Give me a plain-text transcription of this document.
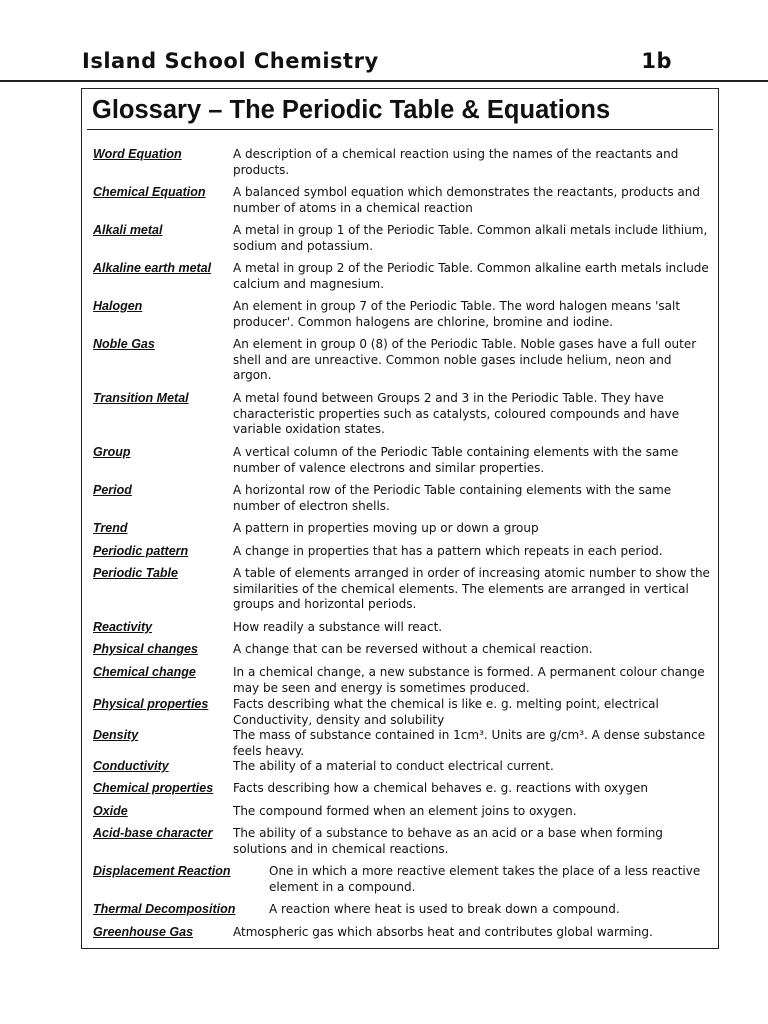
Island School Chemistry	1b
Glossary – The Periodic Table & Equations
Word Equation	A description of a chemical reaction using the names of the reactants and products.
Chemical Equation	A balanced symbol equation which demonstrates the reactants, products and number of atoms in a chemical reaction
Alkali metal	A metal in group 1 of the Periodic Table. Common alkali metals include lithium, sodium and potassium.
Alkaline earth metal	A metal in group 2 of the Periodic Table. Common alkaline earth metals include calcium and magnesium.
Halogen	An element in group 7 of the Periodic Table. The word halogen means 'salt producer'. Common halogens are chlorine, bromine and iodine.
Noble Gas	An element in group 0 (8) of the Periodic Table. Noble gases have a full outer shell and are unreactive. Common noble gases include helium, neon and argon.
Transition Metal	A metal found between Groups 2 and 3 in the Periodic Table. They have characteristic properties such as catalysts, coloured compounds and have variable oxidation states.
Group	A vertical column of the Periodic Table containing elements with the same number of valence electrons and similar properties.
Period	A horizontal row of the Periodic Table containing elements with the same number of electron shells.
Trend	A pattern in properties moving up or down a group
Periodic pattern	A change in properties that has a pattern which repeats in each period.
Periodic Table	A table of elements arranged in order of increasing atomic number to show the similarities of the chemical elements. The elements are arranged in vertical groups and horizontal periods.
Reactivity	How readily a substance will react.
Physical changes	A change that can be reversed without a chemical reaction.
Chemical change	In a chemical change, a new substance is formed. A permanent colour change may be seen and energy is sometimes produced.
Physical properties	Facts describing what the chemical is like e. g. melting point, electrical Conductivity, density and solubility
Density	The mass of substance contained in 1cm³. Units are g/cm³. A dense substance feels heavy.
Conductivity	The ability of a material to conduct electrical current.
Chemical properties	Facts describing how a chemical behaves e. g. reactions with oxygen
Oxide	The compound formed when an element joins to oxygen.
Acid-base character	The ability of a substance to behave as an acid or a base when forming solutions and in chemical reactions.
Displacement Reaction	One in which a more reactive element takes the place of a less reactive element in a compound.
Thermal Decomposition	A reaction where heat is used to break down a compound.
Greenhouse Gas	Atmospheric gas which absorbs heat and contributes global warming.
